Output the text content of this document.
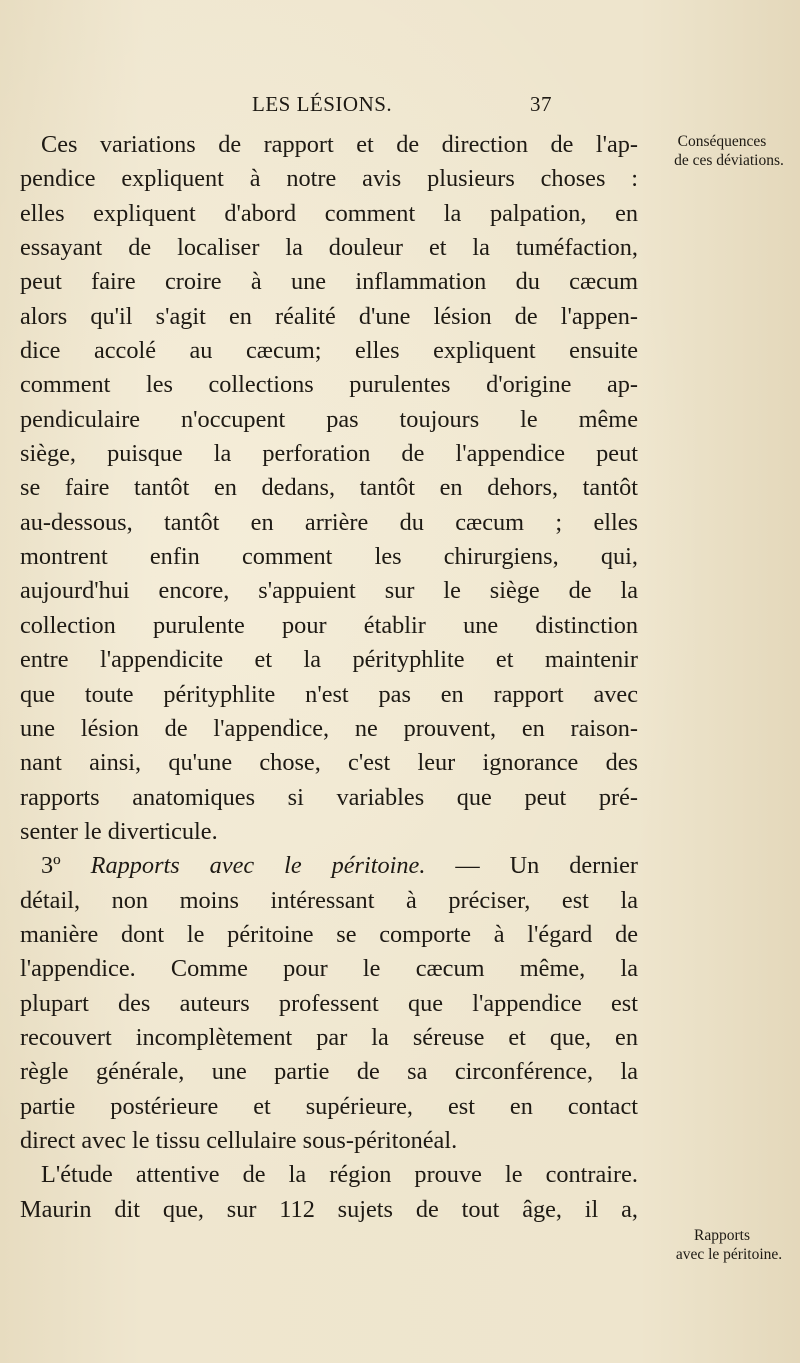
LES LÉSIONS.	37
Ces variations de rapport et de direction de l'ap-
pendice expliquent à notre avis plusieurs choses :
elles expliquent d'abord comment la palpation, en
essayant de localiser la douleur et la tuméfaction,
peut faire croire à une inflammation du cæcum
alors qu'il s'agit en réalité d'une lésion de l'appen-
dice accolé au cæcum; elles expliquent ensuite
comment les collections purulentes d'origine ap-
pendiculaire n'occupent pas toujours le même
siège, puisque la perforation de l'appendice peut
se faire tantôt en dedans, tantôt en dehors, tantôt
au-dessous, tantôt en arrière du cæcum ; elles
montrent enfin comment les chirurgiens, qui,
aujourd'hui encore, s'appuient sur le siège de la
collection purulente pour établir une distinction
entre l'appendicite et la pérityphlite et maintenir
que toute pérityphlite n'est pas en rapport avec
une lésion de l'appendice, ne prouvent, en raison-
nant ainsi, qu'une chose, c'est leur ignorance des
rapports anatomiques si variables que peut pré-
senter le diverticule.
3º Rapports avec le péritoine. — Un dernier
détail, non moins intéressant à préciser, est la
manière dont le péritoine se comporte à l'égard de
l'appendice. Comme pour le cæcum même, la
plupart des auteurs professent que l'appendice est
recouvert incomplètement par la séreuse et que, en
règle générale, une partie de sa circonférence, la
partie postérieure et supérieure, est en contact
direct avec le tissu cellulaire sous-péritonéal.
L'étude attentive de la région prouve le contraire.
Maurin dit que, sur 112 sujets de tout âge, il a,
Conséquences
de ces déviations.
Rapports
avec le péritoine.
